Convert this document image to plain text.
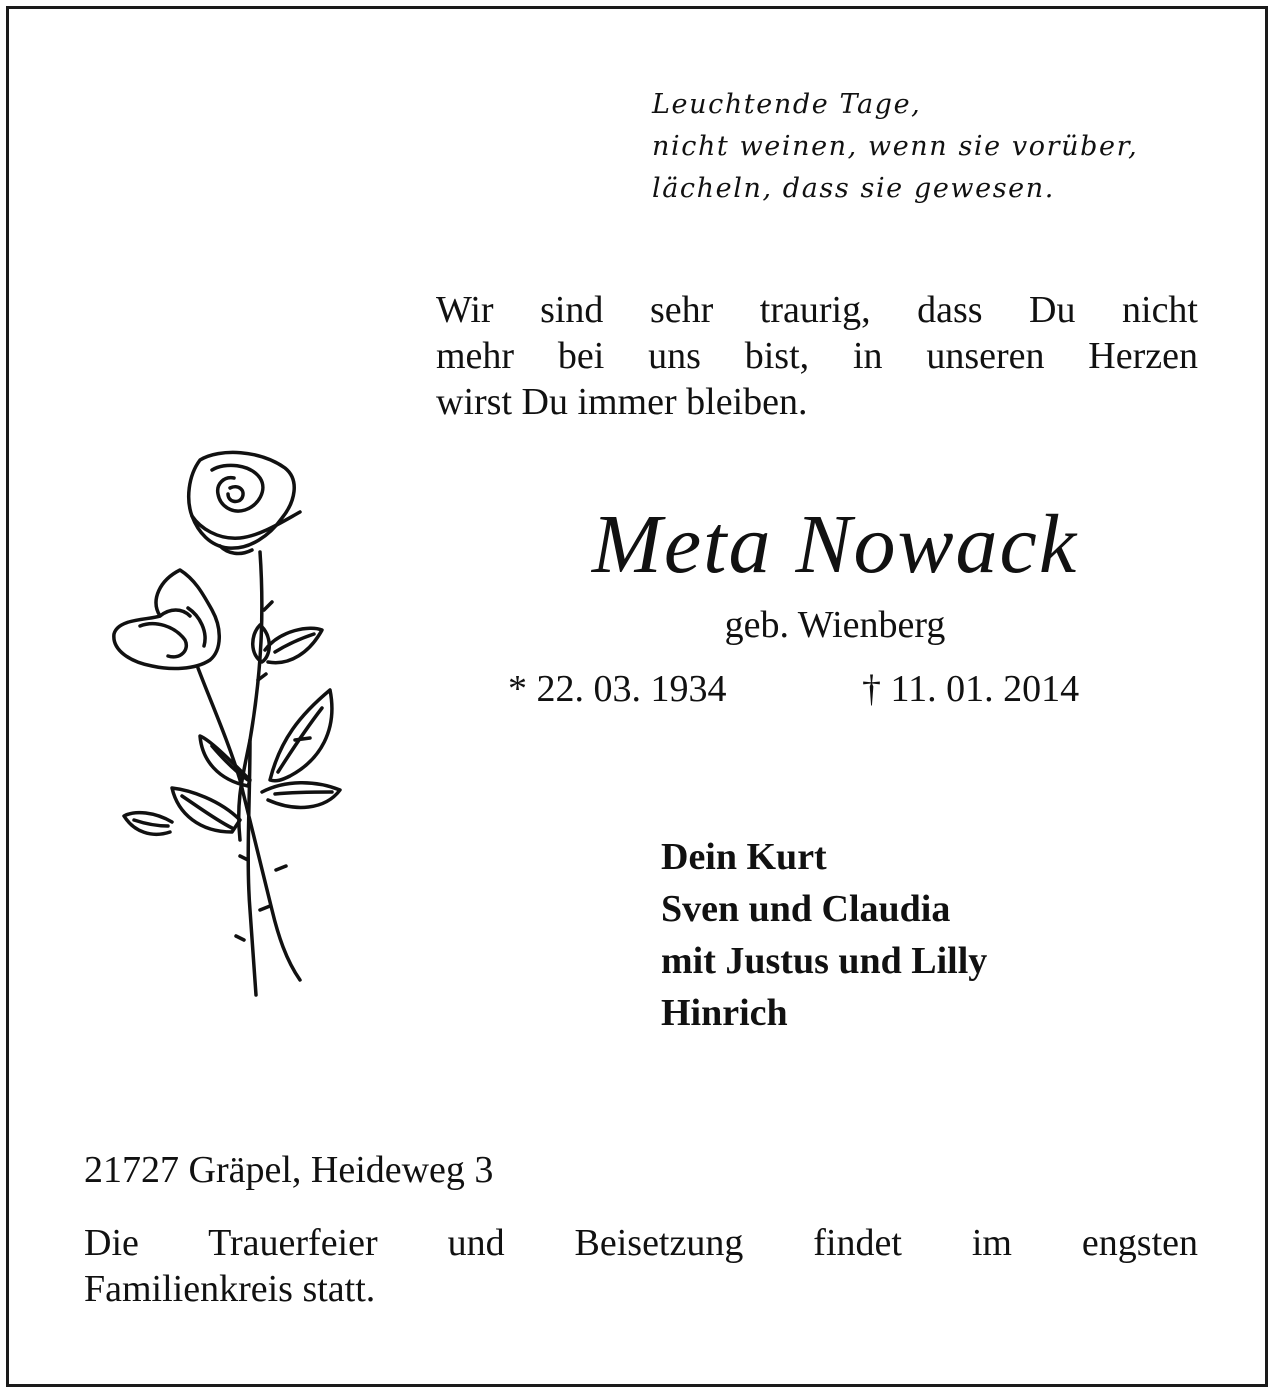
Leuchtende Tage,
nicht weinen, wenn sie vorüber,
lächeln, dass sie gewesen.
Wir sind sehr traurig, dass Du nicht
mehr bei uns bist, in unseren Herzen
wirst Du immer bleiben.
Meta Nowack
geb. Wienberg
* 22. 03. 1934	† 11. 01. 2014
Dein Kurt
Sven und Claudia
mit Justus und Lilly
Hinrich
21727 Gräpel, Heideweg 3
Die Trauerfeier und Beisetzung findet im engsten
Familienkreis statt.
